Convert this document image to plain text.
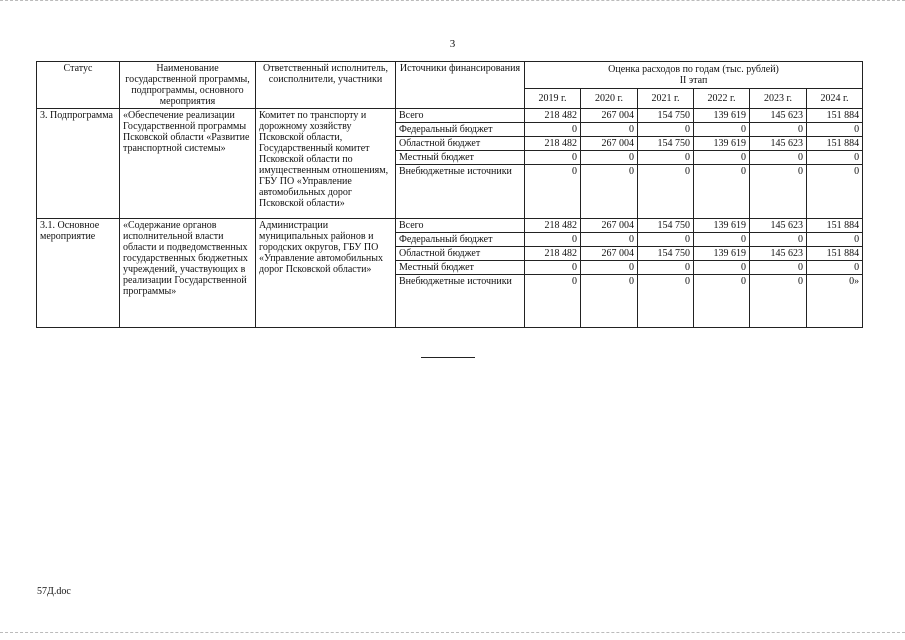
3
Статус	Наименование государственной программы, подпрограммы, основного мероприятия	Ответственный исполнитель, соисполнители, участники	Источники финансирования	Оценка расходов по годам (тыс. рублей)
II этап					

				2019 г.	2020 г.	2021 г.	2022 г.	2023 г.	2024 г.
3. Подпрограмма	«Обеспечение реализации Государственной программы Псковской области «Развитие транспортной системы»	Комитет по транспорту и дорожному хозяйству Псковской области, Государственный комитет Псковской области по имущественным отношениям, ГБУ ПО «Управление автомобильных дорог Псковской области»	Всего	218 482	267 004	154 750	139 619	145 623	151 884
			Федеральный бюджет	0	0	0	0	0	0
			Областной бюджет	218 482	267 004	154 750	139 619	145 623	151 884
			Местный бюджет	0	0	0	0	0	0
			Внебюджетные источники	0	0	0	0	0	0
3.1. Основное мероприятие	«Содержание органов исполнительной власти области и подведомственных государственных бюджетных учреждений, участвующих в реализации Государственной программы»	Администрации муниципальных районов и городских округов, ГБУ ПО «Управление автомобильных дорог Псковской области»	Всего	218 482	267 004	154 750	139 619	145 623	151 884
			Федеральный бюджет	0	0	0	0	0	0
			Областной бюджет	218 482	267 004	154 750	139 619	145 623	151 884
			Местный бюджет	0	0	0	0	0	0
			Внебюджетные источники	0	0	0	0	0	0»
57Д.doc
